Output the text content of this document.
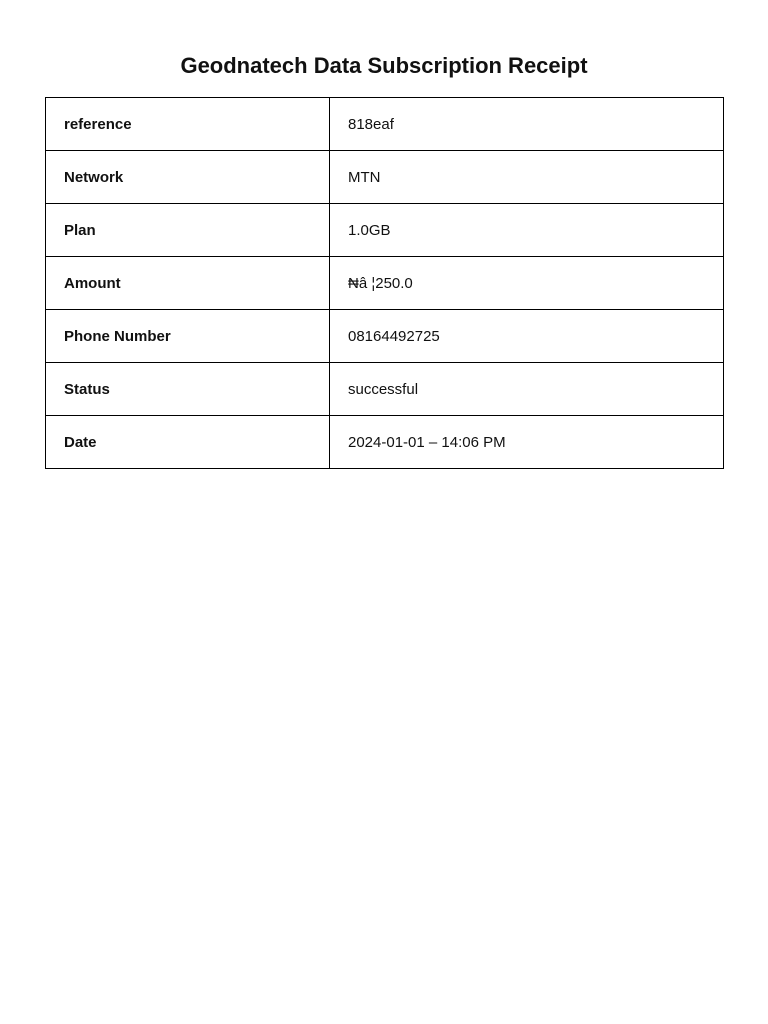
Geodnatech Data Subscription Receipt
reference	818eaf
Network	MTN
Plan	1.0GB
Amount	₦â ¦250.0
Phone Number	08164492725
Status	successful
Date	2024-01-01 – 14:06 PM
